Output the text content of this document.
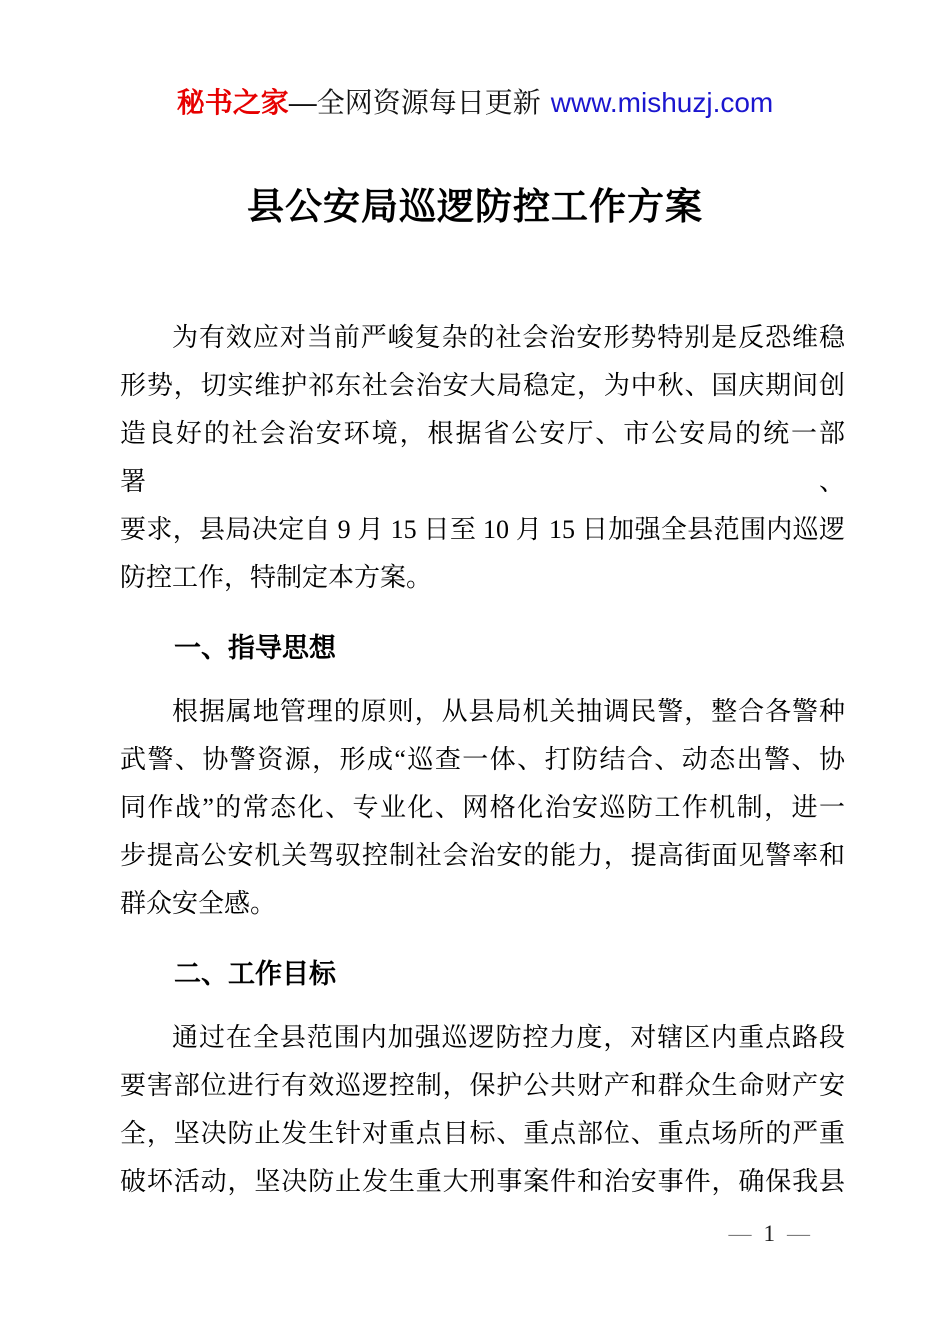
秘书之家—全网资源每日更新 www.mishuzj.com
县公安局巡逻防控工作方案
为有效应对当前严峻复杂的社会治安形势特别是反恐维稳
形势，切实维护祁东社会治安大局稳定，为中秋、国庆期间创
造良好的社会治安环境，根据省公安厅、市公安局的统一部署、
要求，县局决定自 9 月 15 日至 10 月 15 日加强全县范围内巡逻
防控工作，特制定本方案。
一、指导思想
根据属地管理的原则，从县局机关抽调民警，整合各警种
武警、协警资源，形成“巡查一体、打防结合、动态出警、协
同作战”的常态化、专业化、网格化治安巡防工作机制，进一
步提高公安机关驾驭控制社会治安的能力，提高街面见警率和
群众安全感。
二、工作目标
通过在全县范围内加强巡逻防控力度，对辖区内重点路段
要害部位进行有效巡逻控制，保护公共财产和群众生命财产安
全，坚决防止发生针对重点目标、重点部位、重点场所的严重
破坏活动，坚决防止发生重大刑事案件和治安事件，确保我县
— 1 —
